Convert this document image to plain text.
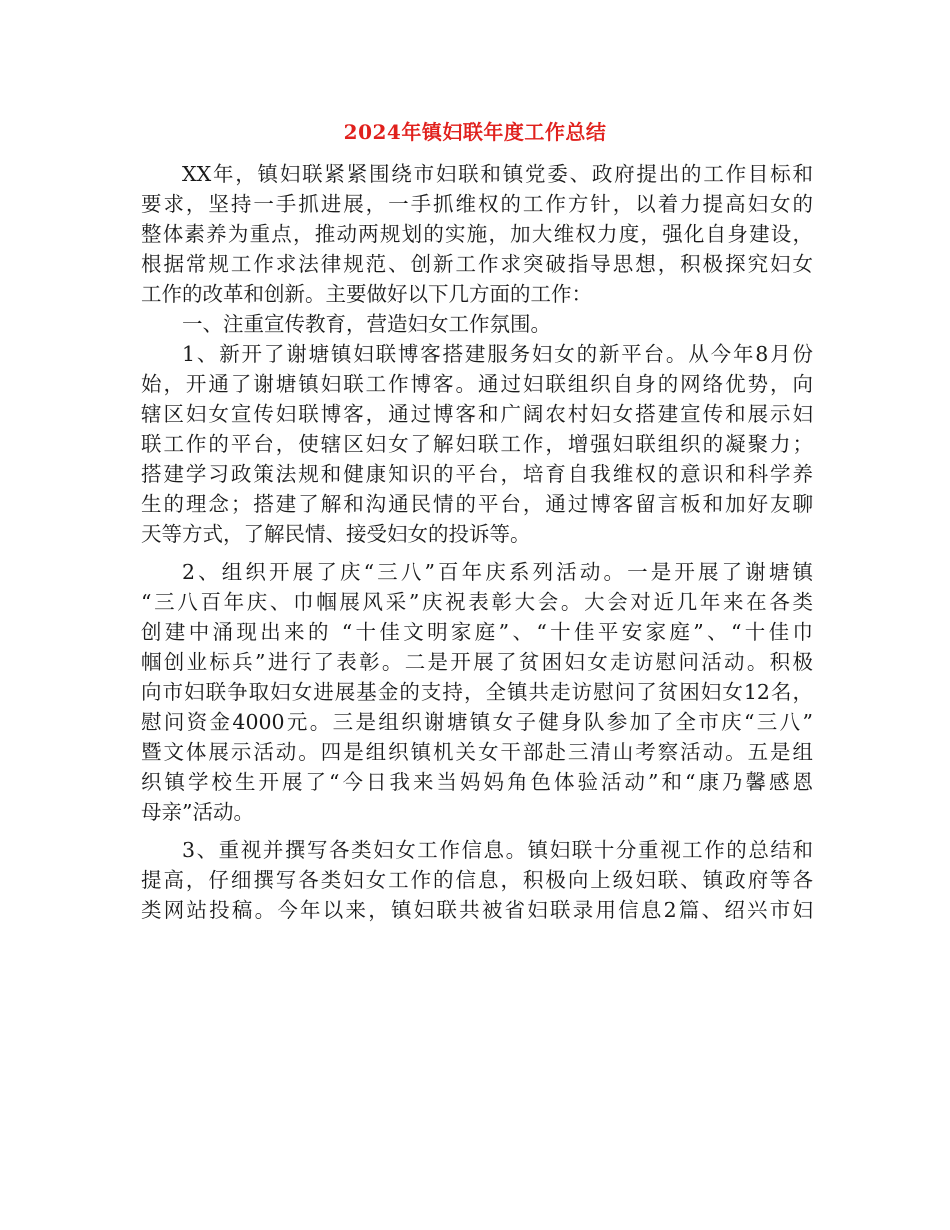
2024年镇妇联年度工作总结
XX年，镇妇联紧紧围绕市妇联和镇党委、政府提出的工作目标和
要求，坚持一手抓进展，一手抓维权的工作方针，以着力提高妇女的
整体素养为重点，推动两规划的实施，加大维权力度，强化自身建设，
根据常规工作求法律规范、创新工作求突破指导思想，积极探究妇女
工作的改革和创新。主要做好以下几方面的工作：
一、注重宣传教育，营造妇女工作氛围。
1、新开了谢塘镇妇联博客搭建服务妇女的新平台。从今年8月份
始，开通了谢塘镇妇联工作博客。通过妇联组织自身的网络优势，向
辖区妇女宣传妇联博客，通过博客和广阔农村妇女搭建宣传和展示妇
联工作的平台，使辖区妇女了解妇联工作，增强妇联组织的凝聚力；
搭建学习政策法规和健康知识的平台，培育自我维权的意识和科学养
生的理念；搭建了解和沟通民情的平台，通过博客留言板和加好友聊
天等方式，了解民情、接受妇女的投诉等。
2、组织开展了庆“三八”百年庆系列活动。一是开展了谢塘镇
“三八百年庆、巾帼展风采”庆祝表彰大会。大会对近几年来在各类
创建中涌现出来的 “十佳文明家庭”、“十佳平安家庭”、“十佳巾
帼创业标兵”进行了表彰。二是开展了贫困妇女走访慰问活动。积极
向市妇联争取妇女进展基金的支持，全镇共走访慰问了贫困妇女12名，
慰问资金4000元。三是组织谢塘镇女子健身队参加了全市庆“三八”
暨文体展示活动。四是组织镇机关女干部赴三清山考察活动。五是组
织镇学校生开展了“今日我来当妈妈角色体验活动”和“康乃馨感恩
母亲”活动。
3、重视并撰写各类妇女工作信息。镇妇联十分重视工作的总结和
提高，仔细撰写各类妇女工作的信息，积极向上级妇联、镇政府等各
类网站投稿。今年以来，镇妇联共被省妇联录用信息2篇、绍兴市妇
